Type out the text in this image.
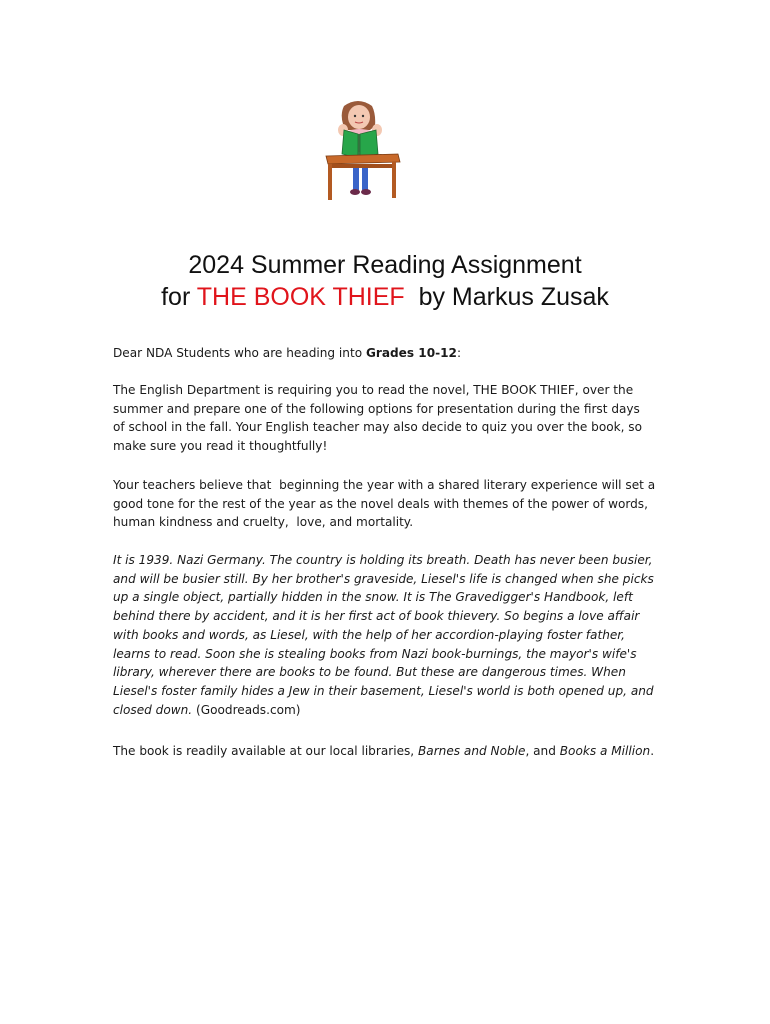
2024 Summer Reading Assignment
for THE BOOK THIEF  by Markus Zusak
Dear NDA Students who are heading into Grades 10-12:
The English Department is requiring you to read the novel, THE BOOK THIEF, over the
summer and prepare one of the following options for presentation during the first days
of school in the fall. Your English teacher may also decide to quiz you over the book, so
make sure you read it thoughtfully!
Your teachers believe that  beginning the year with a shared literary experience will set a
good tone for the rest of the year as the novel deals with themes of the power of words,
human kindness and cruelty,  love, and mortality.
It is 1939. Nazi Germany. The country is holding its breath. Death has never been busier,
and will be busier still. By her brother's graveside, Liesel's life is changed when she picks
up a single object, partially hidden in the snow. It is The Gravedigger's Handbook, left
behind there by accident, and it is her first act of book thievery. So begins a love affair
with books and words, as Liesel, with the help of her accordion-playing foster father,
learns to read. Soon she is stealing books from Nazi book-burnings, the mayor's wife's
library, wherever there are books to be found. But these are dangerous times. When
Liesel's foster family hides a Jew in their basement, Liesel's world is both opened up, and
closed down. (Goodreads.com)
The book is readily available at our local libraries, Barnes and Noble, and Books a Million.
